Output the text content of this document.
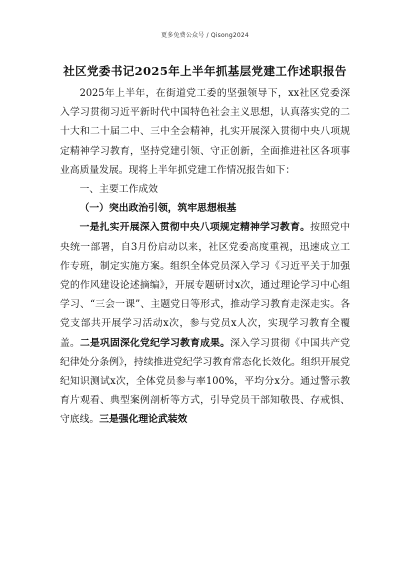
更多免费公众号 / Qisong2024
社区党委书记2025年上半年抓基层党建工作述职报告

2025年上半年，在街道党工委的坚强领导下，xx社区党委深入学习贯彻习近平新时代中国特色社会主义思想，认真落实党的二十大和二十届二中、三中全会精神，扎实开展深入贯彻中央八项规定精神学习教育，坚持党建引领、守正创新，全面推进社区各项事业高质量发展。现将上半年抓党建工作情况报告如下：

一、主要工作成效

（一）突出政治引领，筑牢思想根基

一是扎实开展深入贯彻中央八项规定精神学习教育。按照党中央统一部署，自3月份启动以来，社区党委高度重视，迅速成立工作专班，制定实施方案。组织全体党员深入学习《习近平关于加强党的作风建设论述摘编》，开展专题研讨x次，通过理论学习中心组学习、“三会一课”、主题党日等形式，推动学习教育走深走实。各党支部共开展学习活动x次，参与党员x人次，实现学习教育全覆盖。二是巩固深化党纪学习教育成果。深入学习贯彻《中国共产党纪律处分条例》，持续推进党纪学习教育常态化长效化。组织开展党纪知识测试x次，全体党员参与率100%，平均分x分。通过警示教育片观看、典型案例剖析等方式，引导党员干部知敬畏、存戒惧、守底线。三是强化理论武装效
